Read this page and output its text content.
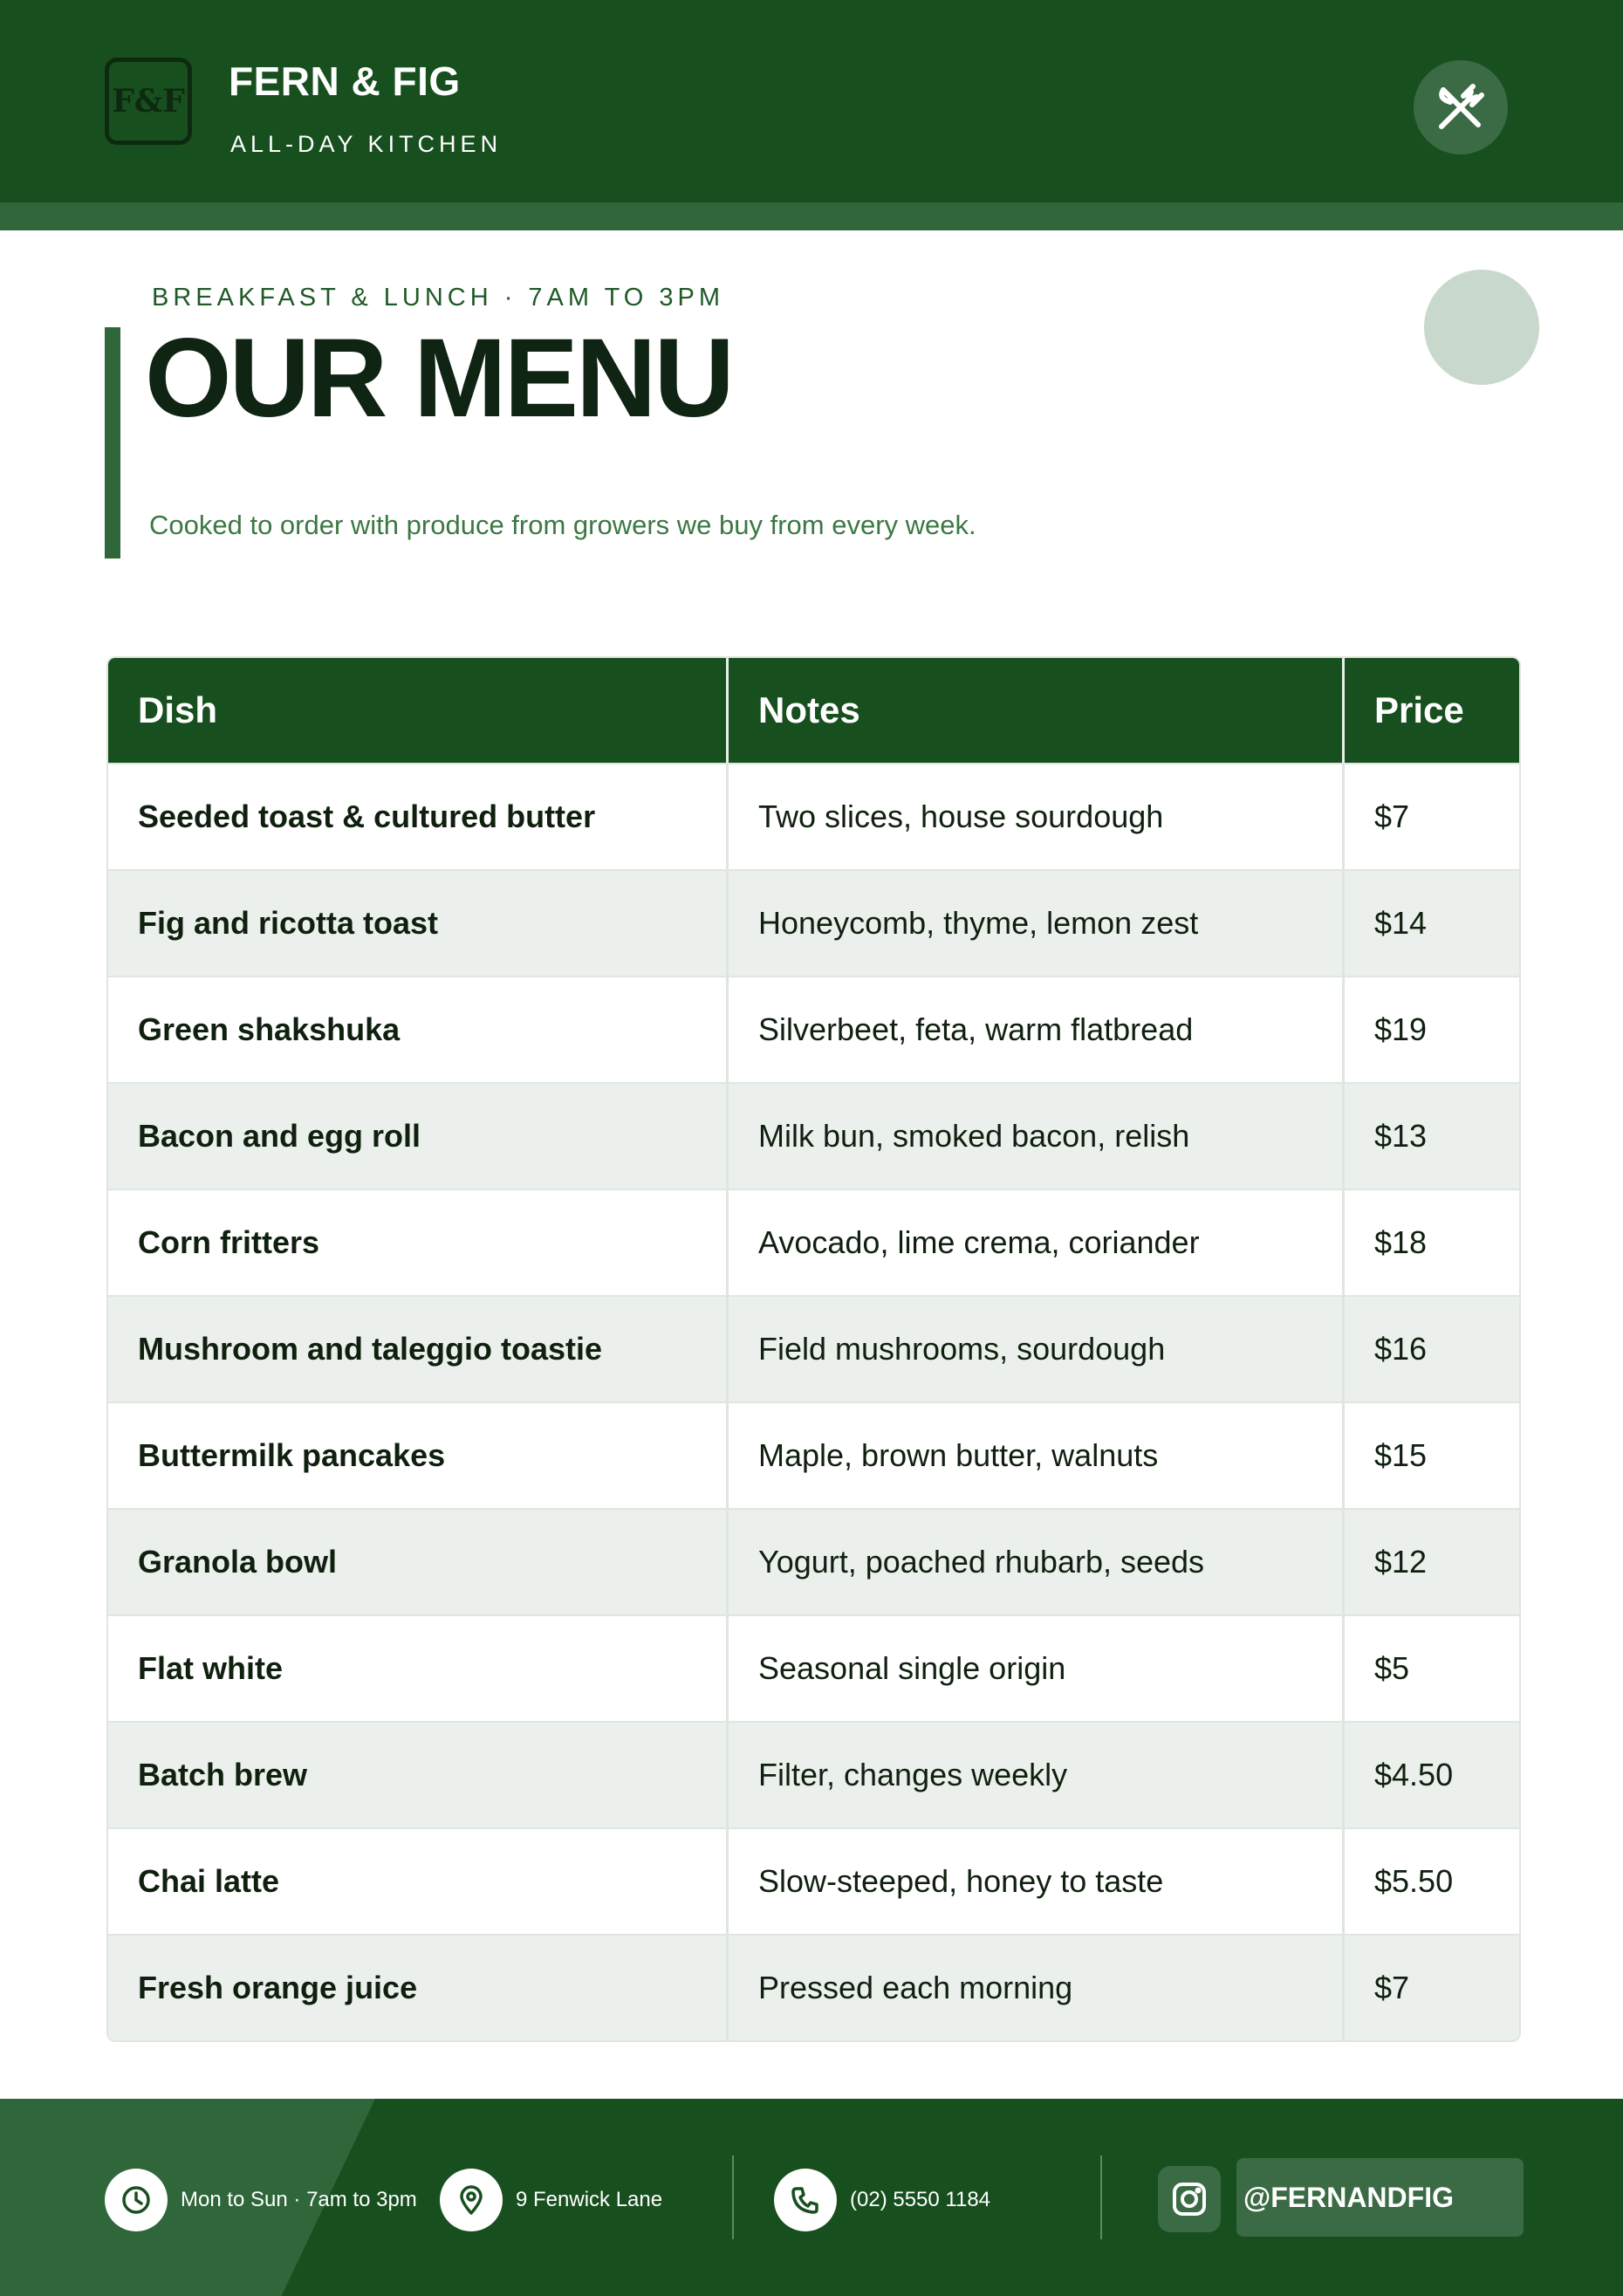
F&F FERN & FIG
ALL-DAY KITCHEN
BREAKFAST & LUNCH · 7AM TO 3PM
OUR MENU
Cooked to order with produce from growers we buy from every week.
Dish	Notes	Price
Seeded toast & cultured butter	Two slices, house sourdough	$7
Fig and ricotta toast	Honeycomb, thyme, lemon zest	$14
Green shakshuka	Silverbeet, feta, warm flatbread	$19
Bacon and egg roll	Milk bun, smoked bacon, relish	$13
Corn fritters	Avocado, lime crema, coriander	$18
Mushroom and taleggio toastie	Field mushrooms, sourdough	$16
Buttermilk pancakes	Maple, brown butter, walnuts	$15
Granola bowl	Yogurt, poached rhubarb, seeds	$12
Flat white	Seasonal single origin	$5
Batch brew	Filter, changes weekly	$4.50
Chai latte	Slow-steeped, honey to taste	$5.50
Fresh orange juice	Pressed each morning	$7
Mon to Sun · 7am to 3pm	9 Fenwick Lane	(02) 5550 1184	@FERNANDFIG
